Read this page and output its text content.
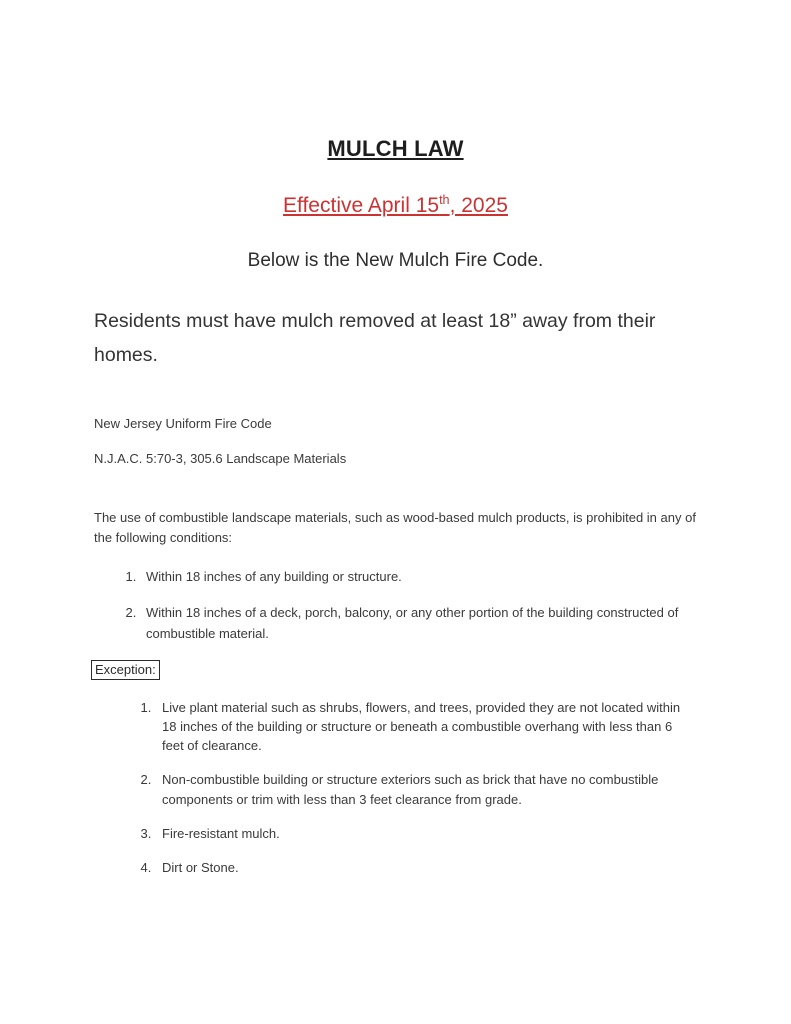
MULCH LAW
Effective April 15th, 2025
Below is the New Mulch Fire Code.
Residents must have mulch removed at least 18” away from their homes.
New Jersey Uniform Fire Code
N.J.A.C. 5:70-3, 305.6 Landscape Materials
The use of combustible landscape materials, such as wood-based mulch products, is prohibited in any of the following conditions:
1. Within 18 inches of any building or structure.
2. Within 18 inches of a deck, porch, balcony, or any other portion of the building constructed of combustible material.
Exception:
1. Live plant material such as shrubs, flowers, and trees, provided they are not located within 18 inches of the building or structure or beneath a combustible overhang with less than 6 feet of clearance.
2. Non-combustible building or structure exteriors such as brick that have no combustible components or trim with less than 3 feet clearance from grade.
3. Fire-resistant mulch.
4. Dirt or Stone.
